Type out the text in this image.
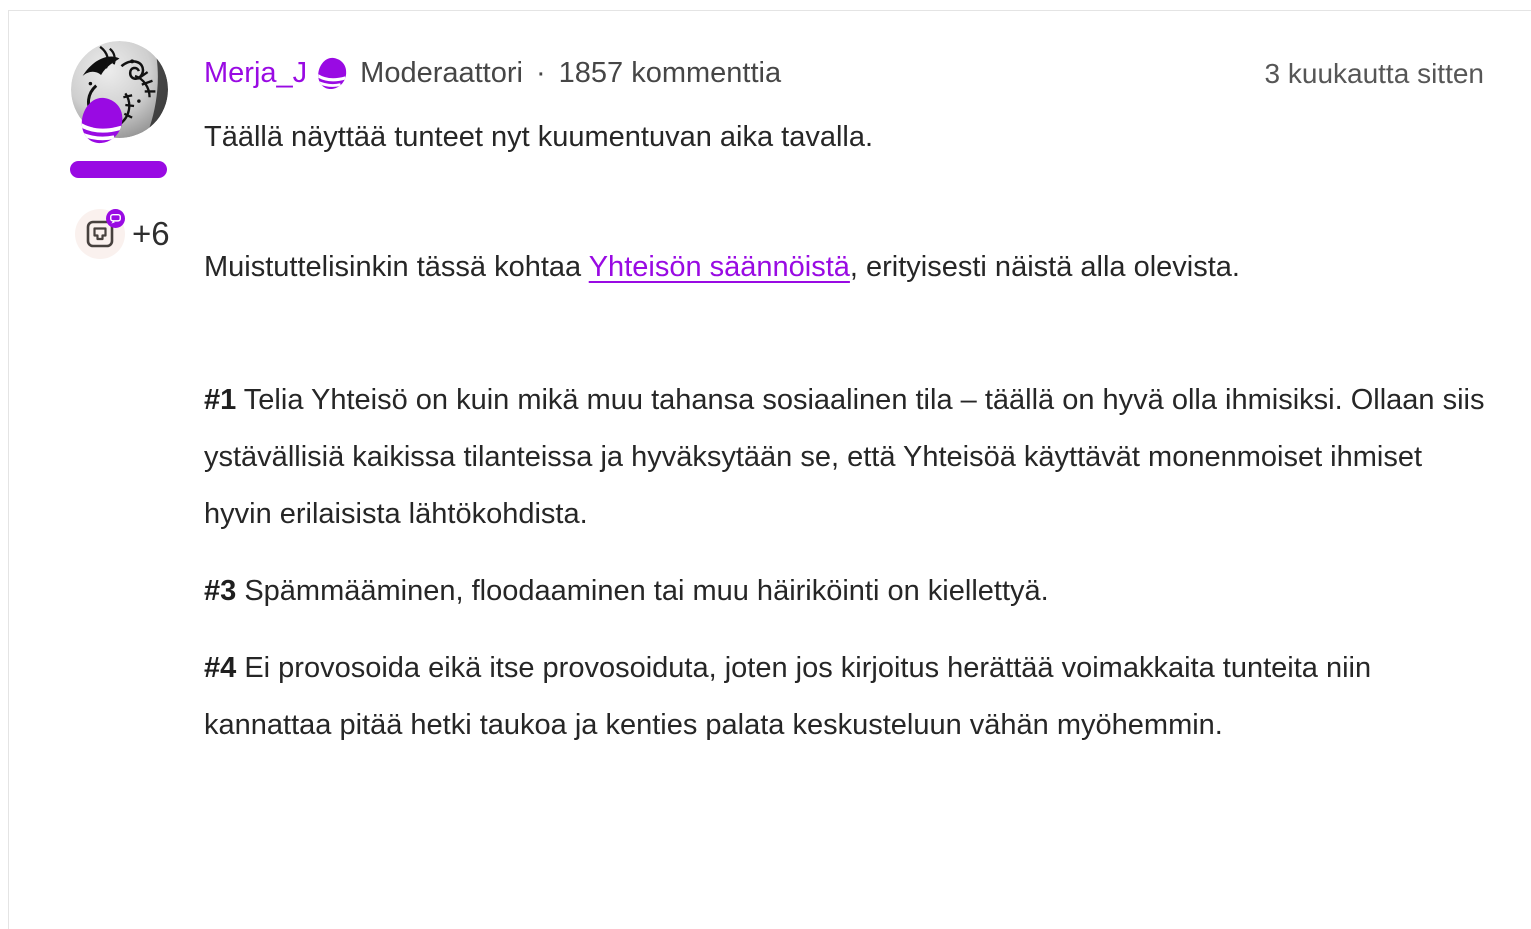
+6
Merja_J Moderaattori · 1857 kommenttia	3 kuukautta sitten

Täällä näyttää tunteet nyt kuumentuvan aika tavalla.

Muistuttelisinkin tässä kohtaa Yhteisön säännöistä, erityisesti näistä alla olevista.

#1 Telia Yhteisö on kuin mikä muu tahansa sosiaalinen tila – täällä on hyvä olla ihmisiksi. Ollaan siis ystävällisiä kaikissa tilanteissa ja hyväksytään se, että Yhteisöä käyttävät monenmoiset ihmiset hyvin erilaisista lähtökohdista.

#3 Spämmääminen, floodaaminen tai muu häiriköinti on kiellettyä.

#4 Ei provosoida eikä itse provosoiduta, joten jos kirjoitus herättää voimakkaita tunteita niin kannattaa pitää hetki taukoa ja kenties palata keskusteluun vähän myöhemmin.
